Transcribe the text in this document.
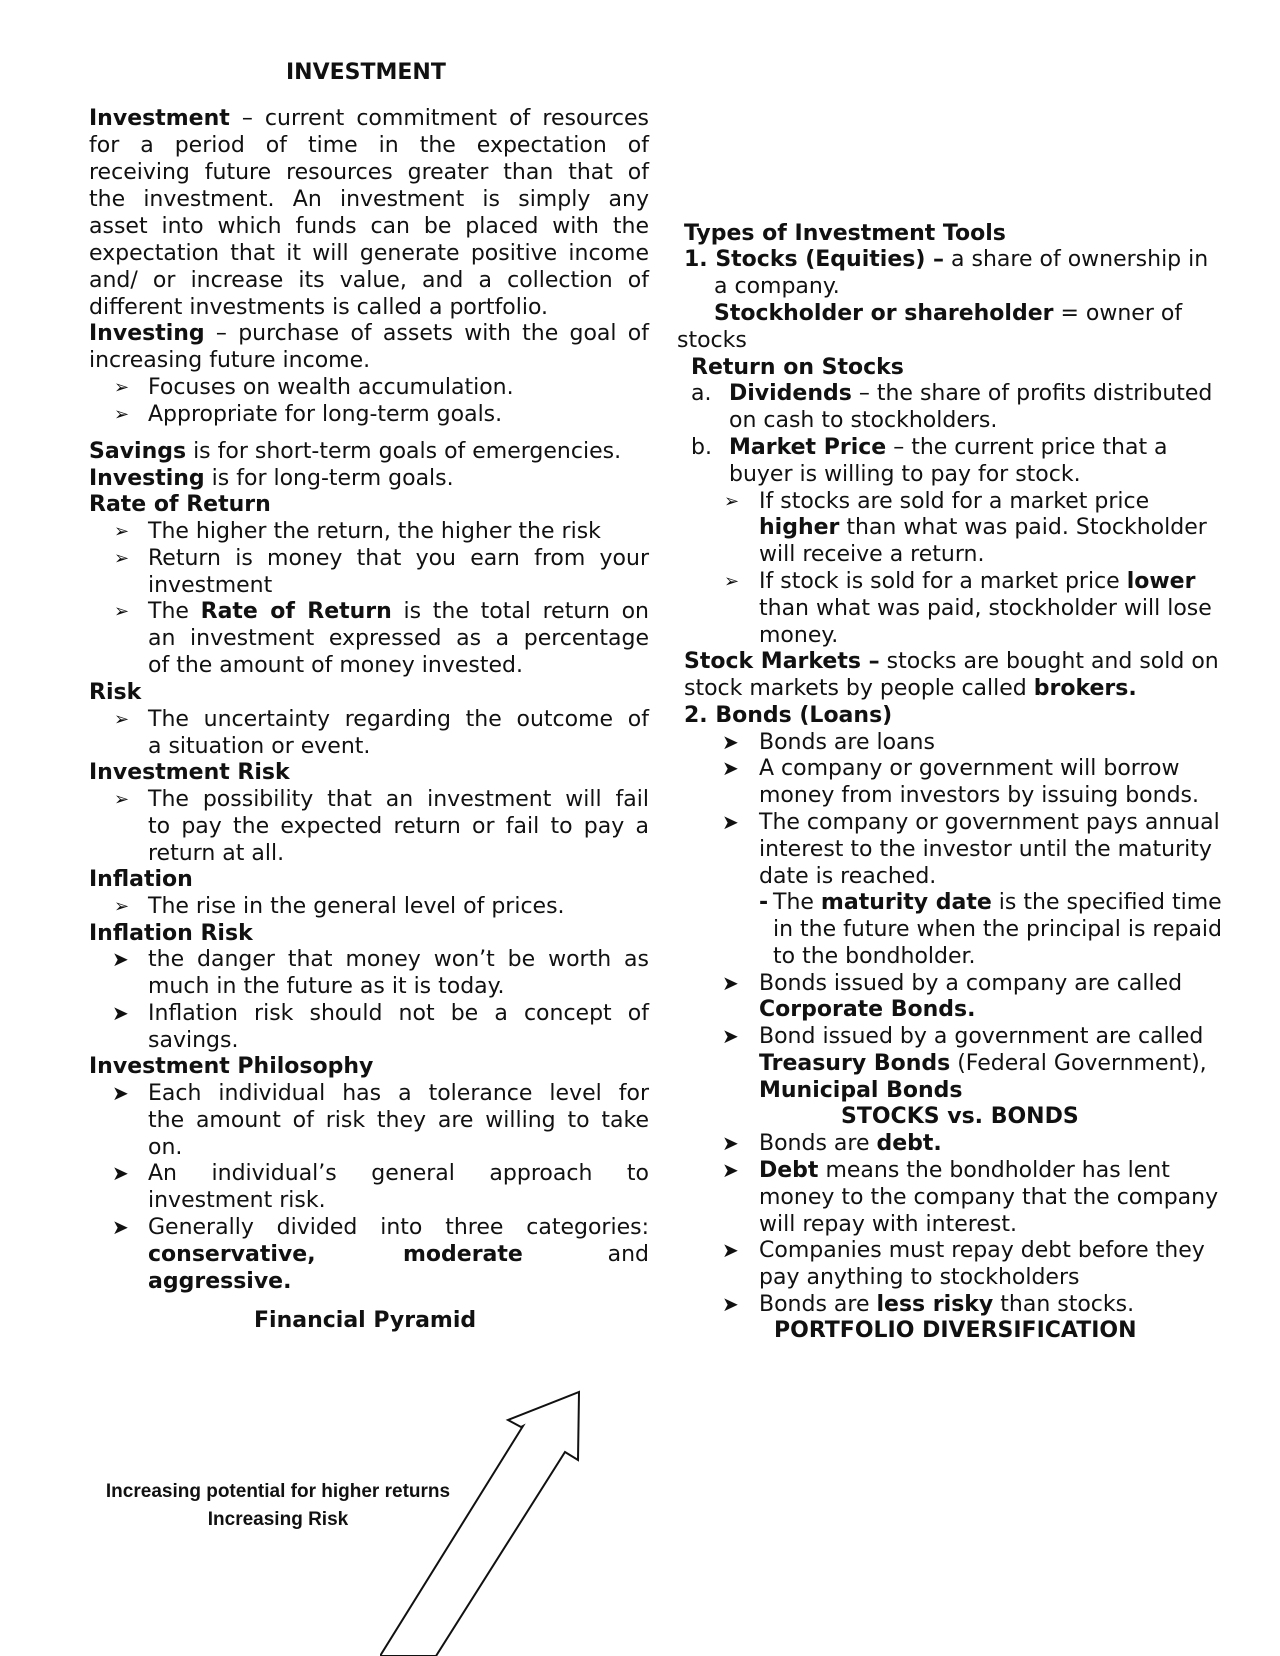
INVESTMENT
Investment – current commitment of resources
for a period of time in the expectation of
receiving future resources greater than that of
the investment. An investment is simply any
asset into which funds can be placed with the
expectation that it will generate positive income
and/ or increase its value, and a collection of
different investments is called a portfolio.
Investing – purchase of assets with the goal of
increasing future income.
➢ Focuses on wealth accumulation.
➢ Appropriate for long-term goals.
Savings is for short-term goals of emergencies.
Investing is for long-term goals.
Rate of Return
➢ The higher the return, the higher the risk
➢ Return is money that you earn from your
investment
➢ The Rate of Return is the total return on
an investment expressed as a percentage
of the amount of money invested.
Risk
➢ The uncertainty regarding the outcome of
a situation or event.
Investment Risk
➢ The possibility that an investment will fail
to pay the expected return or fail to pay a
return at all.
Inflation
➢ The rise in the general level of prices.
Inflation Risk
➤ the danger that money won’t be worth as
much in the future as it is today.
➤ Inflation risk should not be a concept of
savings.
Investment Philosophy
➤ Each individual has a tolerance level for
the amount of risk they are willing to take
on.
➤ An individual’s general approach to
investment risk.
➤ Generally divided into three categories:
conservative,	moderate	and
aggressive.
Financial Pyramid
Increasing potential for higher returns
Increasing Risk
Types of Investment Tools
1. Stocks (Equities) – a share of ownership in
a company.
Stockholder or shareholder = owner of
stocks
Return on Stocks
a. Dividends – the share of profits distributed
on cash to stockholders.
b. Market Price – the current price that a
buyer is willing to pay for stock.
➢ If stocks are sold for a market price
higher than what was paid. Stockholder
will receive a return.
➢ If stock is sold for a market price lower
than what was paid, stockholder will lose
money.
Stock Markets – stocks are bought and sold on
stock markets by people called brokers.
2. Bonds (Loans)
➤ Bonds are loans
➤ A company or government will borrow
money from investors by issuing bonds.
➤ The company or government pays annual
interest to the investor until the maturity
date is reached.
- The maturity date is the specified time
in the future when the principal is repaid
to the bondholder.
➤ Bonds issued by a company are called
Corporate Bonds.
➤ Bond issued by a government are called
Treasury Bonds (Federal Government),
Municipal Bonds
STOCKS vs. BONDS
➤ Bonds are debt.
➤ Debt means the bondholder has lent
money to the company that the company
will repay with interest.
➤ Companies must repay debt before they
pay anything to stockholders
➤ Bonds are less risky than stocks.
PORTFOLIO DIVERSIFICATION
